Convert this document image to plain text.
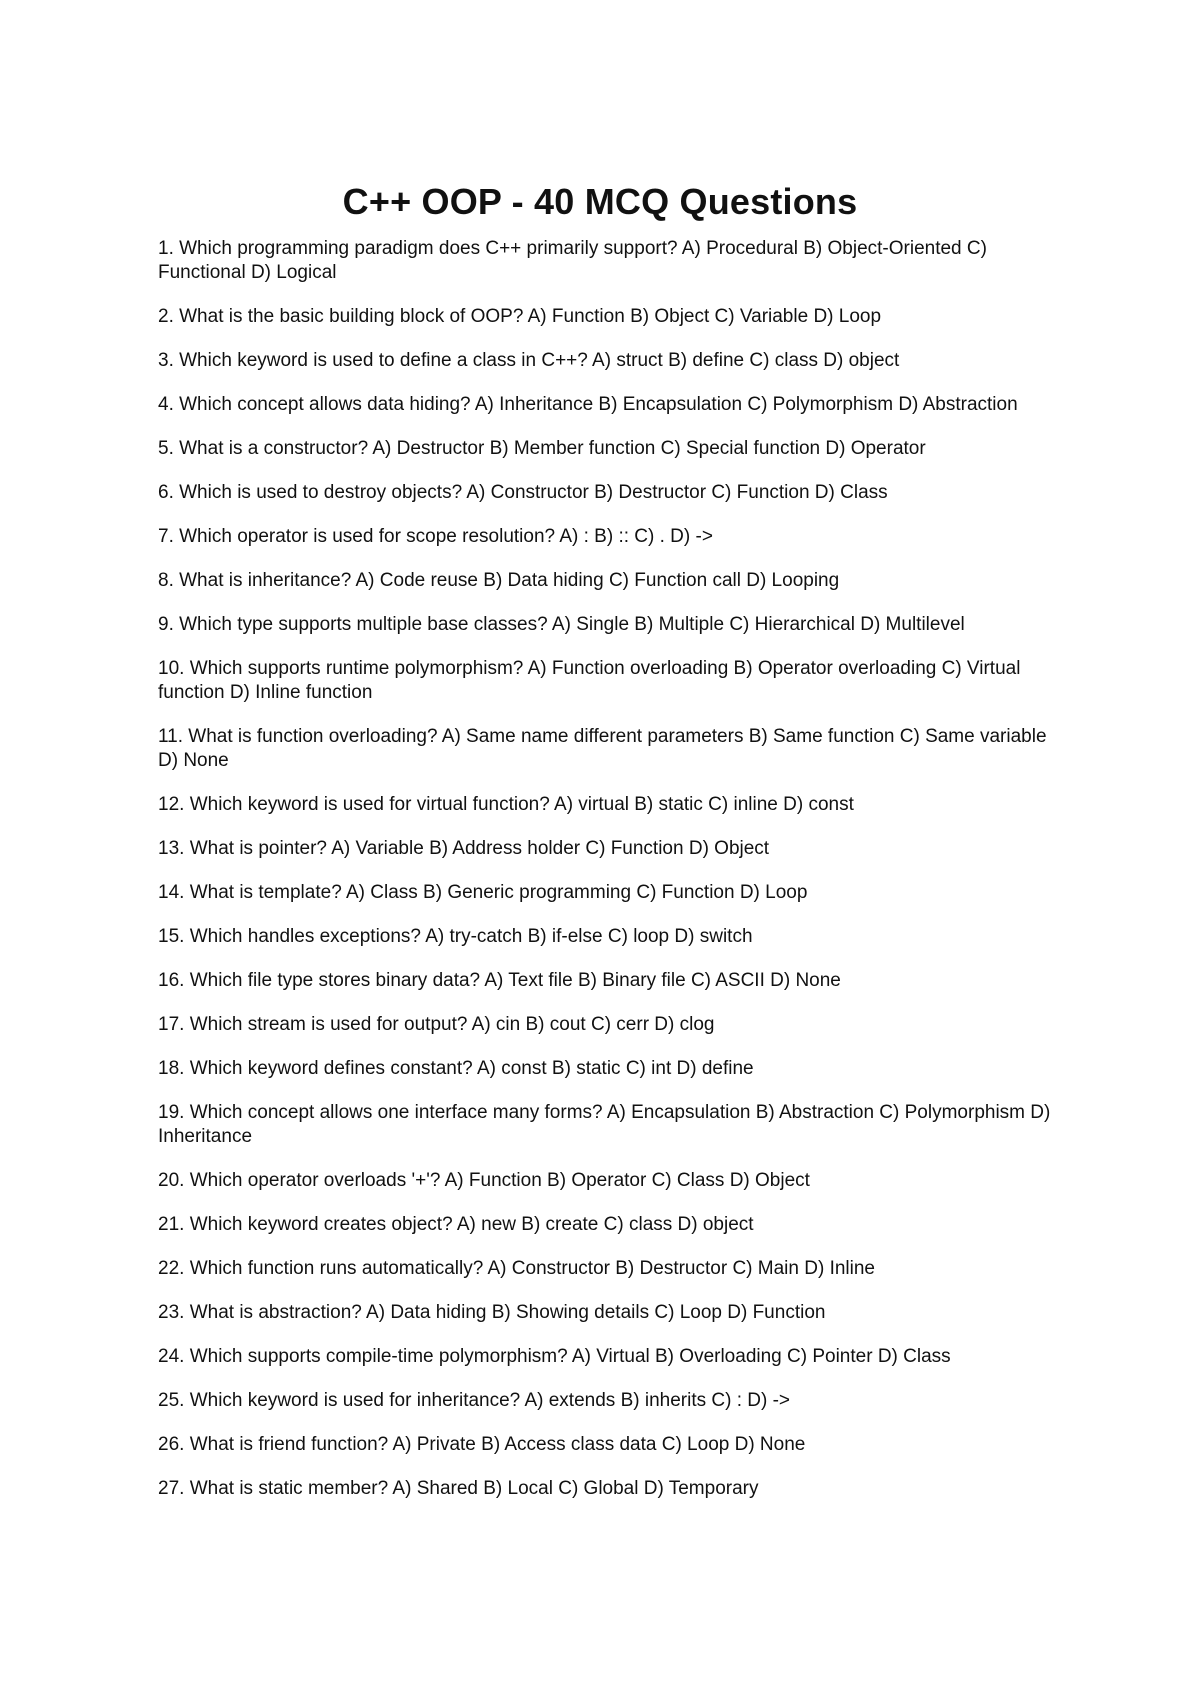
C++ OOP - 40 MCQ Questions
1. Which programming paradigm does C++ primarily support? A) Procedural B) Object-Oriented C) Functional D) Logical
2. What is the basic building block of OOP? A) Function B) Object C) Variable D) Loop
3. Which keyword is used to define a class in C++? A) struct B) define C) class D) object
4. Which concept allows data hiding? A) Inheritance B) Encapsulation C) Polymorphism D) Abstraction
5. What is a constructor? A) Destructor B) Member function C) Special function D) Operator
6. Which is used to destroy objects? A) Constructor B) Destructor C) Function D) Class
7. Which operator is used for scope resolution? A) : B) :: C) . D) ->
8. What is inheritance? A) Code reuse B) Data hiding C) Function call D) Looping
9. Which type supports multiple base classes? A) Single B) Multiple C) Hierarchical D) Multilevel
10. Which supports runtime polymorphism? A) Function overloading B) Operator overloading C) Virtual function D) Inline function
11. What is function overloading? A) Same name different parameters B) Same function C) Same variable D) None
12. Which keyword is used for virtual function? A) virtual B) static C) inline D) const
13. What is pointer? A) Variable B) Address holder C) Function D) Object
14. What is template? A) Class B) Generic programming C) Function D) Loop
15. Which handles exceptions? A) try-catch B) if-else C) loop D) switch
16. Which file type stores binary data? A) Text file B) Binary file C) ASCII D) None
17. Which stream is used for output? A) cin B) cout C) cerr D) clog
18. Which keyword defines constant? A) const B) static C) int D) define
19. Which concept allows one interface many forms? A) Encapsulation B) Abstraction C) Polymorphism D) Inheritance
20. Which operator overloads '+'? A) Function B) Operator C) Class D) Object
21. Which keyword creates object? A) new B) create C) class D) object
22. Which function runs automatically? A) Constructor B) Destructor C) Main D) Inline
23. What is abstraction? A) Data hiding B) Showing details C) Loop D) Function
24. Which supports compile-time polymorphism? A) Virtual B) Overloading C) Pointer D) Class
25. Which keyword is used for inheritance? A) extends B) inherits C) : D) ->
26. What is friend function? A) Private B) Access class data C) Loop D) None
27. What is static member? A) Shared B) Local C) Global D) Temporary
